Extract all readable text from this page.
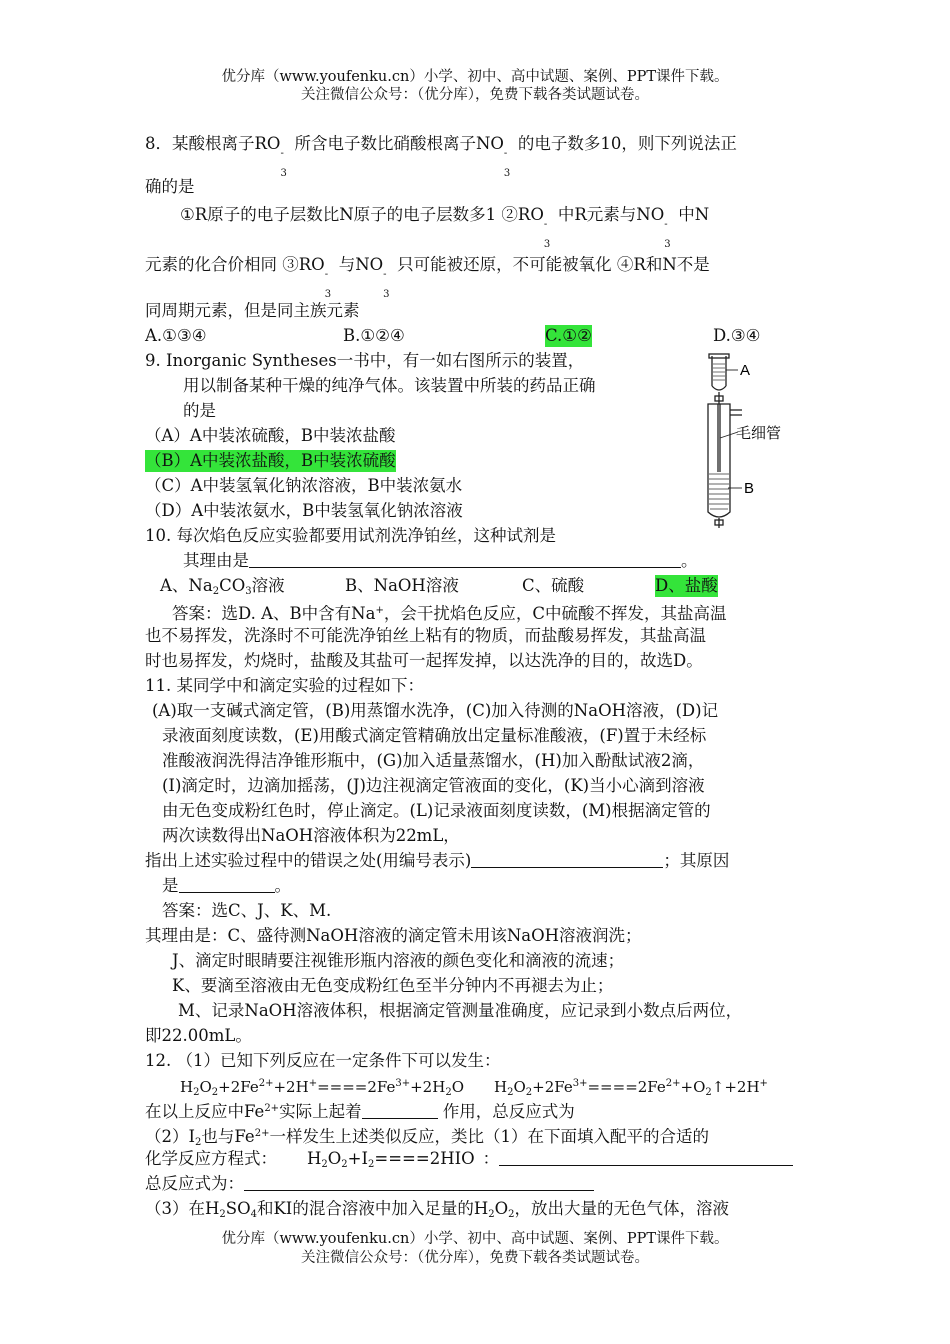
优分库（www.youfenku.cn）小学、初中、高中试题、案例、PPT课件下载。
关注微信公众号：（优分库），免费下载各类试题试卷。
8．某酸根离子RO
-
3
所含电子数比硝酸根离子NO
-
3
的电子数多10，则下列说法正
确的是
①R原子的电子层数比N原子的电子层数多1 ②RO
-
3
中R元素与NO
-
3
中N
元素的化合价相同 ③RO
-
3
与NO
-
3
只可能被还原，不可能被氧化 ④R和N不是
同周期元素，但是同主族元素
A.①③④	B.①②④	C.①②	D.③④
9. Inorganic Syntheses一书中，有一如右图所示的装置，
用以制备某种干燥的纯净气体。该装置中所装的药品正确
的是
（A）A中装浓硫酸，B中装浓盐酸
（B）A中装浓盐酸，B中装浓硫酸
（C）A中装氢氧化钠浓溶液，B中装浓氨水
（D）A中装浓氨水，B中装氢氧化钠浓溶液
A
毛细管
B
10. 每次焰色反应实验都要用试剂洗净铂丝，这种试剂是
其理由是	。
A、$Na_2CO_3$溶液	B、NaOH溶液	C、硫酸	D、盐酸
答案：选D. A、B中含有Na+，会干扰焰色反应，C中硫酸不挥发，其盐高温
也不易挥发，洗涤时不可能洗净铂丝上粘有的物质，而盐酸易挥发，其盐高温
时也易挥发，灼烧时，盐酸及其盐可一起挥发掉，以达洗净的目的，故选D。
11. 某同学中和滴定实验的过程如下：
(A)取一支碱式滴定管，(B)用蒸馏水洗净，(C)加入待测的NaOH溶液，(D)记
录液面刻度读数，(E)用酸式滴定管精确放出定量标准酸液，(F)置于未经标
准酸液润洗得洁净锥形瓶中，(G)加入适量蒸馏水，(H)加入酚酞试液2滴，
(I)滴定时，边滴加摇荡，(J)边注视滴定管液面的变化，(K)当小心滴到溶液
由无色变成粉红色时，停止滴定。(L)记录液面刻度读数，(M)根据滴定管的
两次读数得出NaOH溶液体积为22mL，
指出上述实验过程中的错误之处(用编号表示)	；其原因
是	。
答案：选C、J、K、M.
其理由是：C、盛待测NaOH溶液的滴定管未用该NaOH溶液润洗；
J、滴定时眼睛要注视锥形瓶内溶液的颜色变化和滴液的流速；
K、要滴至溶液由无色变成粉红色至半分钟内不再褪去为止；
M、记录NaOH溶液体积，根据滴定管测量准确度，应记录到小数点后两位，
即22.00mL。
12. （1）已知下列反应在一定条件下可以发生：
$H_2O_2+2Fe^{2+}+2H^+====2Fe^{3+}+2H_2O$ $H_2O_2+2Fe^{3+}====2Fe^{2+}+O_2↑+2H^+$
在以上反应中$Fe^{2+}$实际上起着	作用，总反应式为
$(2)I_2$也与$Fe^{2+}$一样发生上述类似反应，类比（1）在下面填入配平的合适的
化学反应方程式： $H_2O_2+I_2====2HIO$ ：
总反应式为：
（3）在$H_2SO_4$和KI的混合溶液中加入足量的$H_2O_2$，放出大量的无色气体，溶液
优分库（www.youfenku.cn）小学、初中、高中试题、案例、PPT课件下载。
关注微信公众号：（优分库），免费下载各类试题试卷。
